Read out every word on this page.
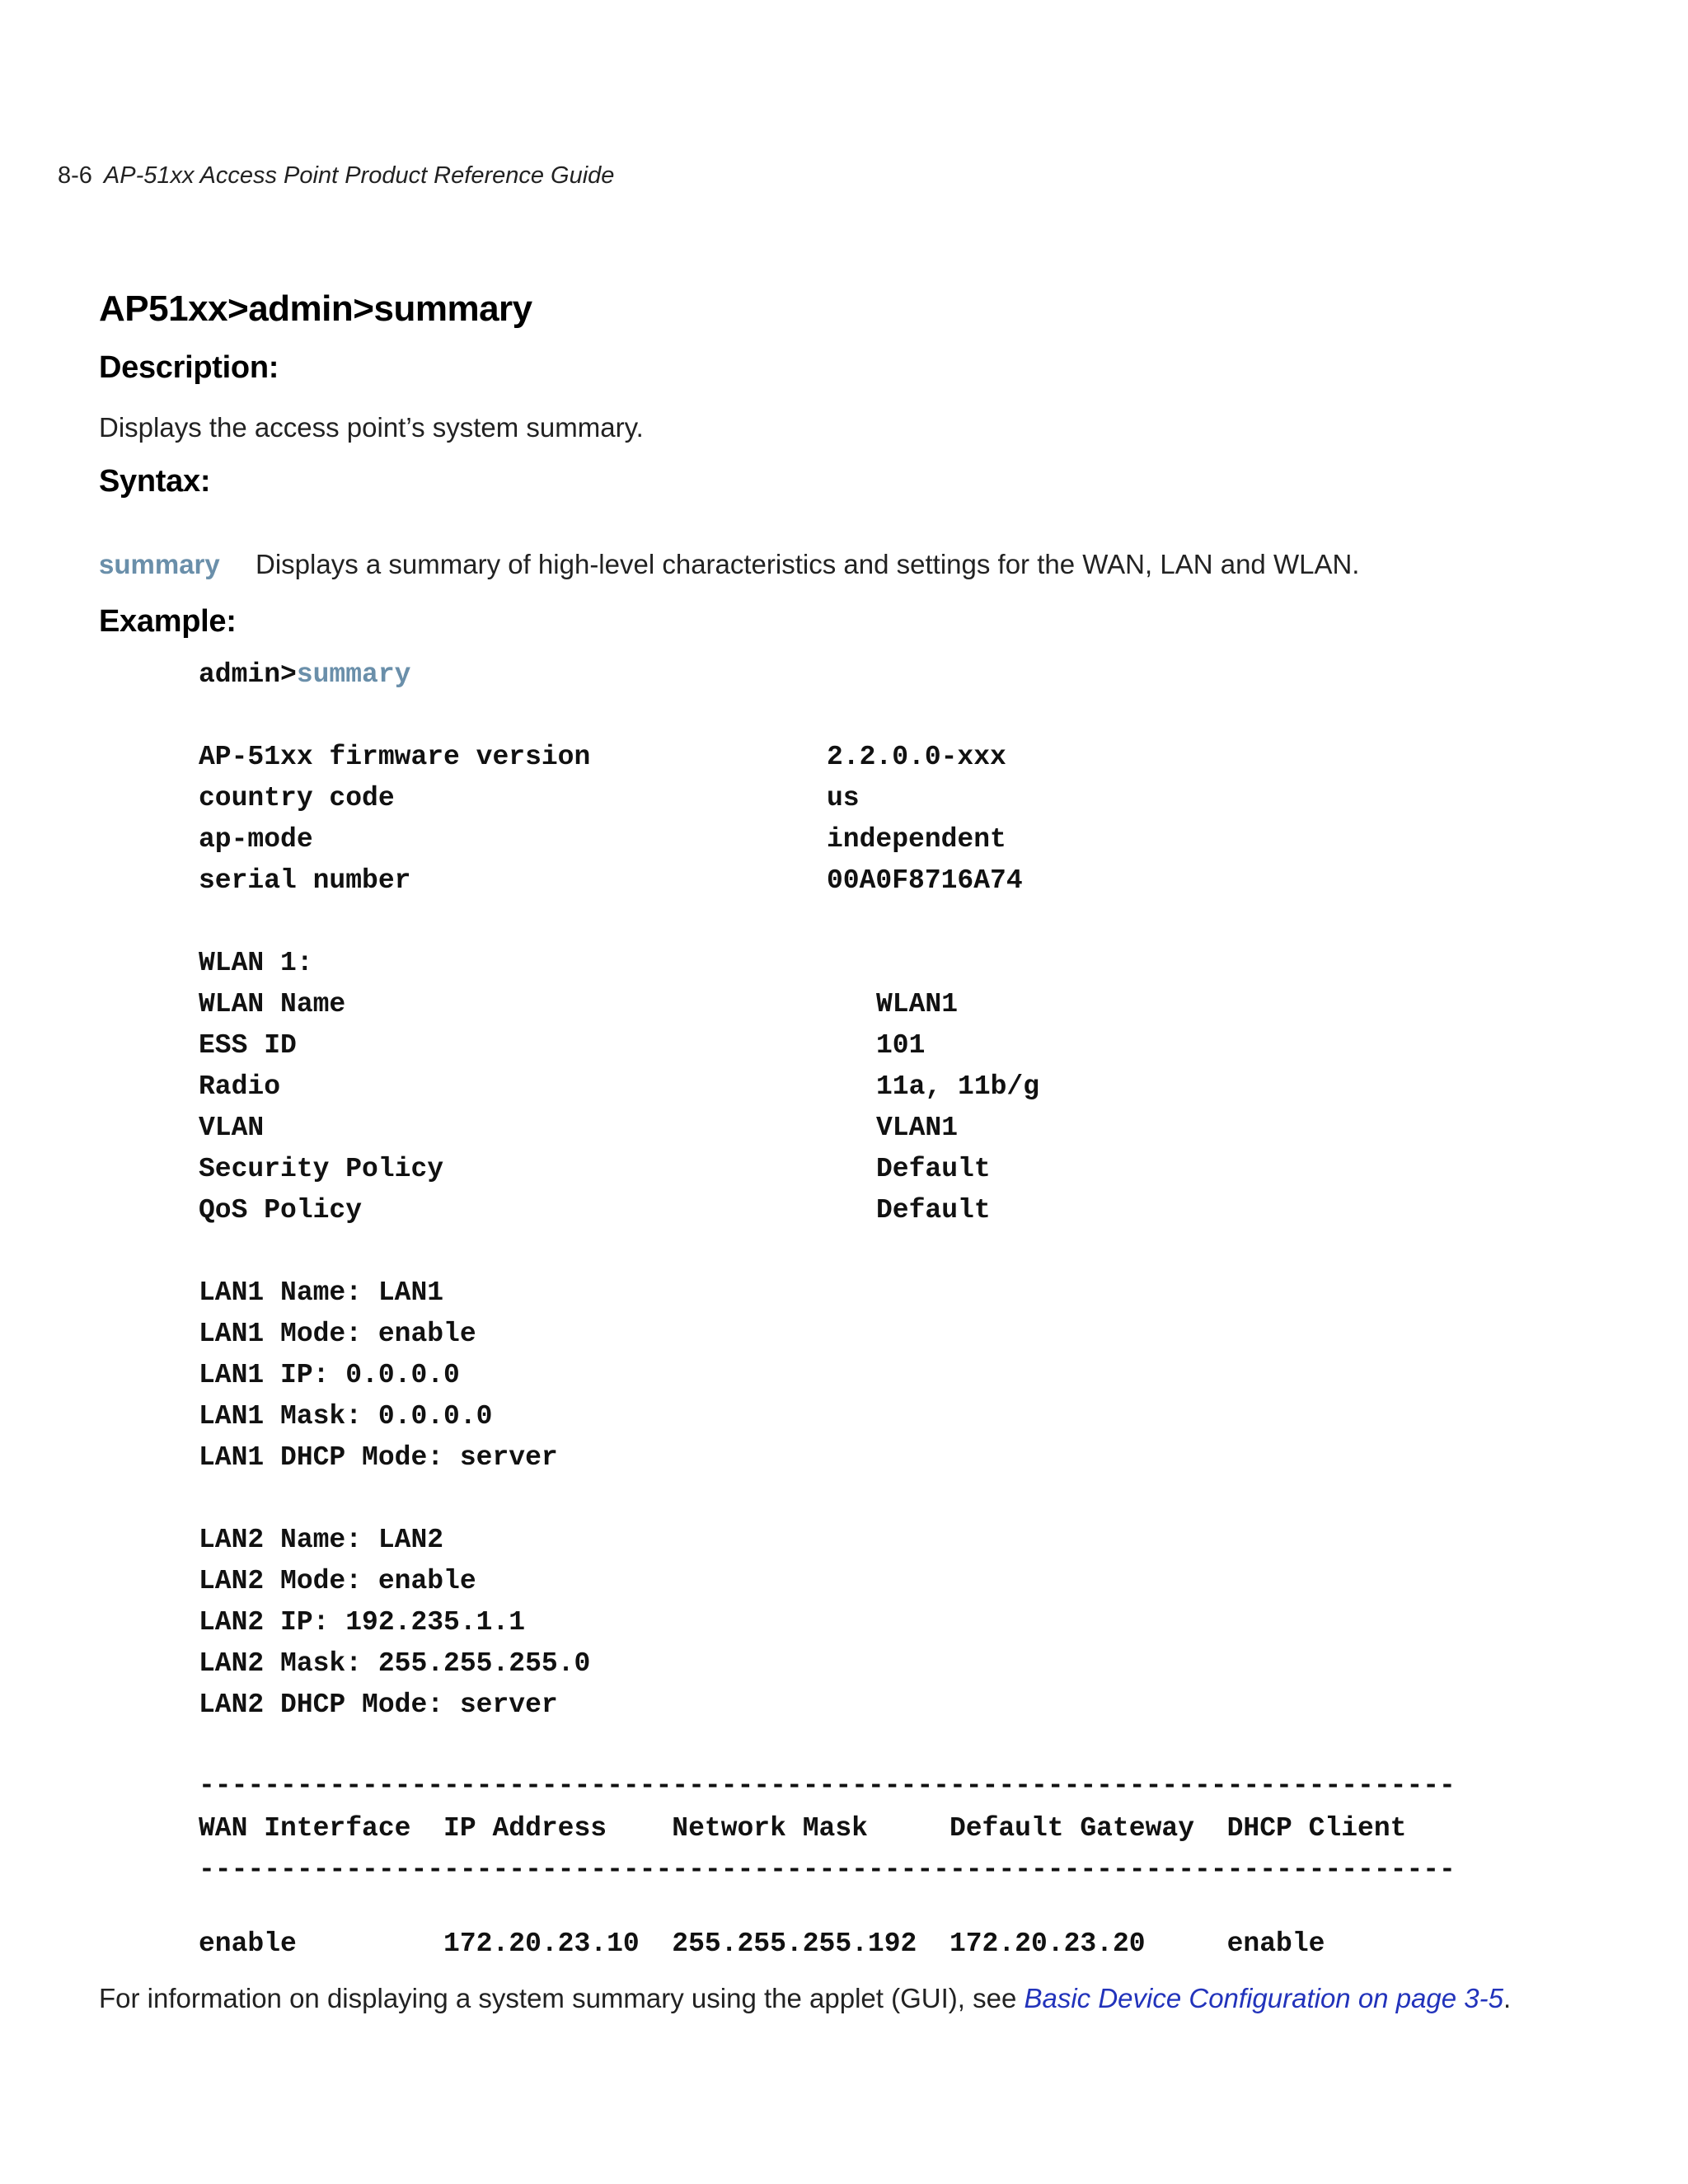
8-6 AP-51xx Access Point Product Reference Guide
AP51xx>admin>summary
Description:
Displays the access point’s system summary.
Syntax:
summary Displays a summary of high-level characteristics and settings for the WAN, LAN and WLAN.
Example:
admin>summary
AP-51xx firmware version	2.2.0.0-xxx
country code	us
ap-mode	independent
serial number	00A0F8716A74
WLAN 1:
WLAN Name	WLAN1
ESS ID	101
Radio	11a, 11b/g
VLAN	VLAN1
Security Policy	Default
QoS Policy	Default
LAN1 Name: LAN1
LAN1 Mode: enable
LAN1 IP: 0.0.0.0
LAN1 Mask: 0.0.0.0
LAN1 DHCP Mode: server
LAN2 Name: LAN2
LAN2 Mode: enable
LAN2 IP: 192.235.1.1
LAN2 Mask: 255.255.255.0
LAN2 DHCP Mode: server
-----------------------------------------------------------------------------
WAN Interface  IP Address    Network Mask     Default Gateway  DHCP Client
-----------------------------------------------------------------------------
enable         172.20.23.10  255.255.255.192  172.20.23.20     enable
For information on displaying a system summary using the applet (GUI), see Basic Device Configuration on page 3-5.
